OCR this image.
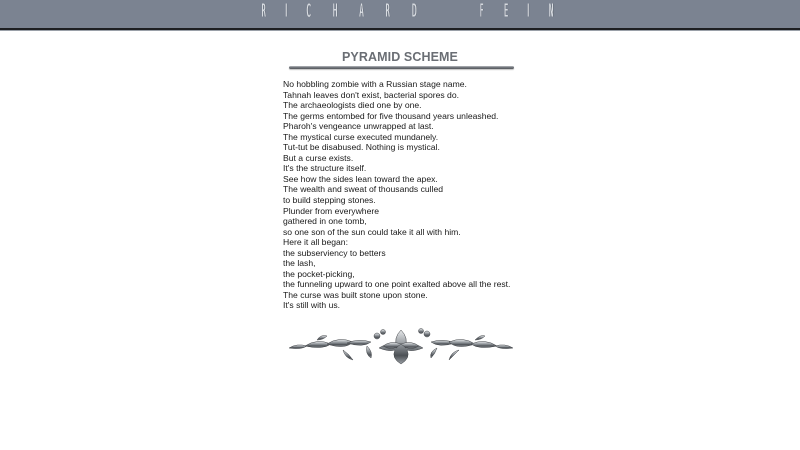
R I C H A R D	F E I N
PYRAMID SCHEME
No hobbling zombie with a Russian stage name.
Tahnah leaves don't exist, bacterial spores do.
The archaeologists died one by one.
The germs entombed for five thousand years unleashed.
Pharoh's vengeance unwrapped at last.
The mystical curse executed mundanely.
Tut-tut be disabused. Nothing is mystical.
But a curse exists.
It's the structure itself.
See how the sides lean toward the apex.
The wealth and sweat of thousands culled
to build stepping stones.
Plunder from everywhere
gathered in one tomb,
so one son of the sun could take it all with him.
Here it all began:
the subserviency to betters
the lash,
the pocket-picking,
the funneling upward to one point exalted above all the rest.
The curse was built stone upon stone.
It's still with us.
